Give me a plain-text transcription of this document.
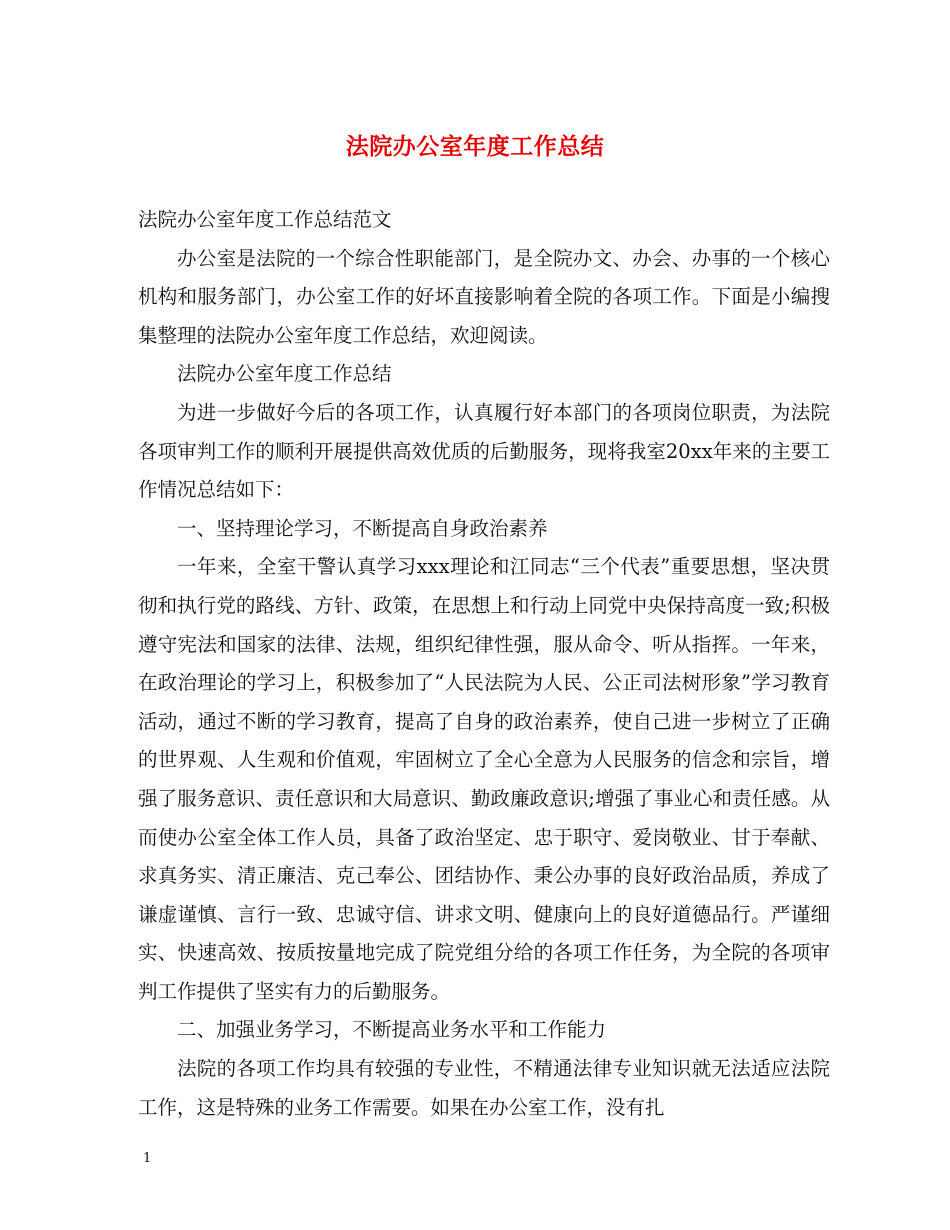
法院办公室年度工作总结

法院办公室年度工作总结范文

办公室是法院的一个综合性职能部门，是全院办文、办会、办事的一个核心机构和服务部门，办公室工作的好坏直接影响着全院的各项工作。下面是小编搜集整理的法院办公室年度工作总结，欢迎阅读。

法院办公室年度工作总结

为进一步做好今后的各项工作，认真履行好本部门的各项岗位职责，为法院各项审判工作的顺利开展提供高效优质的后勤服务，现将我室20xx年来的主要工作情况总结如下：

一、坚持理论学习，不断提高自身政治素养

一年来，全室干警认真学习xxx理论和江同志“三个代表”重要思想，坚决贯彻和执行党的路线、方针、政策，在思想上和行动上同党中央保持高度一致;积极遵守宪法和国家的法律、法规，组织纪律性强，服从命令、听从指挥。一年来，在政治理论的学习上，积极参加了“人民法院为人民、公正司法树形象”学习教育活动，通过不断的学习教育，提高了自身的政治素养，使自己进一步树立了正确的世界观、人生观和价值观，牢固树立了全心全意为人民服务的信念和宗旨，增强了服务意识、责任意识和大局意识、勤政廉政意识;增强了事业心和责任感。从而使办公室全体工作人员，具备了政治坚定、忠于职守、爱岗敬业、甘于奉献、求真务实、清正廉洁、克己奉公、团结协作、秉公办事的良好政治品质，养成了谦虚谨慎、言行一致、忠诚守信、讲求文明、健康向上的良好道德品行。严谨细实、快速高效、按质按量地完成了院党组分给的各项工作任务，为全院的各项审判工作提供了坚实有力的后勤服务。

二、加强业务学习，不断提高业务水平和工作能力

法院的各项工作均具有较强的专业性，不精通法律专业知识就无法适应法院工作，这是特殊的业务工作需要。如果在办公室工作，没有扎

1
